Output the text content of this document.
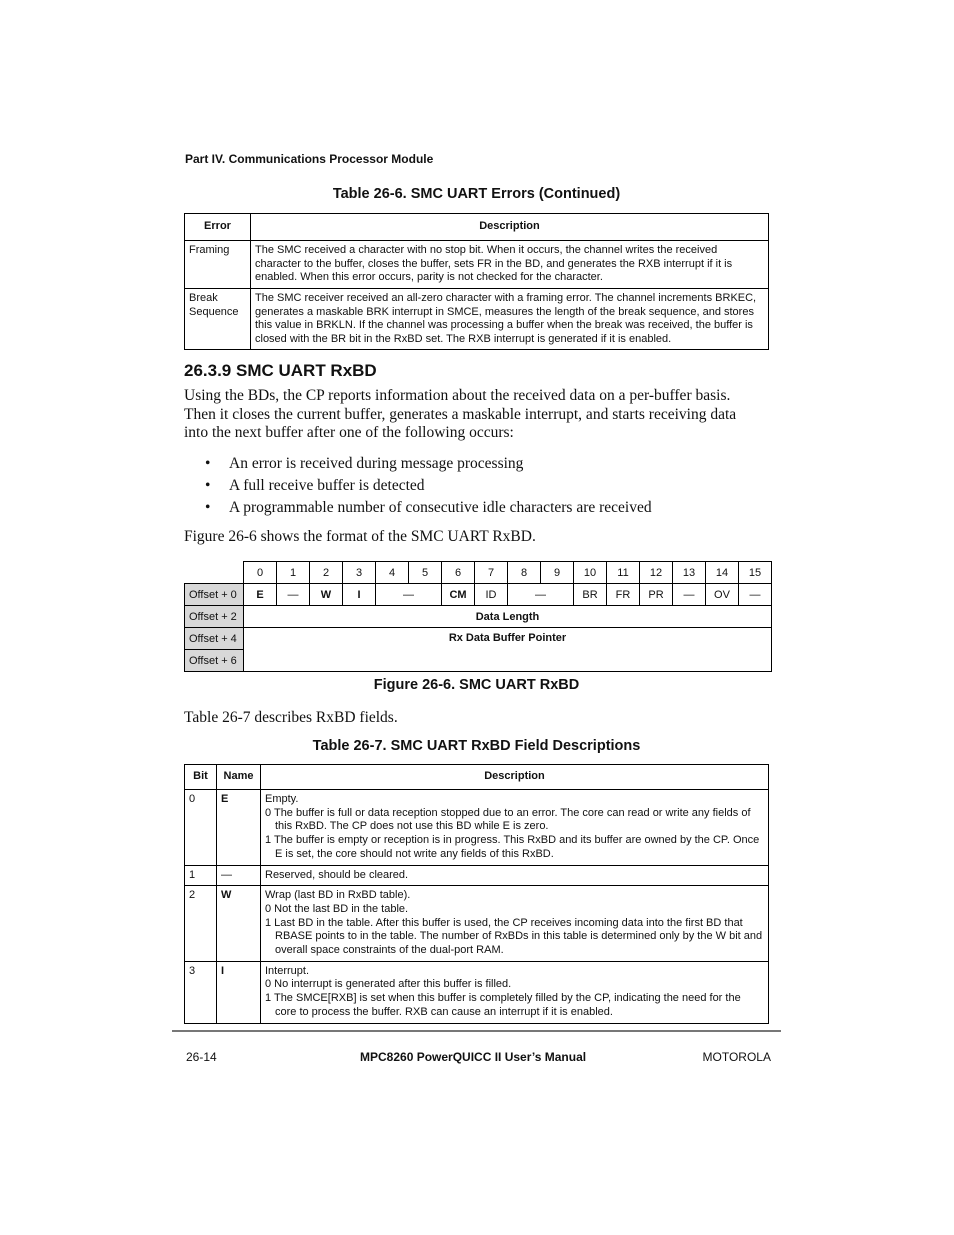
Part IV. Communications Processor Module
Table 26-6. SMC UART Errors (Continued)
Error	Description
Framing	The SMC received a character with no stop bit. When it occurs, the channel writes the received
character to the buffer, closes the buffer, sets FR in the BD, and generates the RXB interrupt if it is
enabled. When this error occurs, parity is not checked for the character.

Break
Sequence	The SMC receiver received an all-zero character with a framing error. The channel increments BRKEC,
generates a maskable BRK interrupt in SMCE, measures the length of the break sequence, and stores
this value in BRKLN. If the channel was processing a buffer when the break was received, the buffer is
closed with the BR bit in the RxBD set. The RXB interrupt is generated if it is enabled.
26.3.9 SMC UART RxBD
Using the BDs, the CP reports information about the received data on a per-buffer basis.
Then it closes the current buffer, generates a maskable interrupt, and starts receiving data
into the next buffer after one of the following occurs:
• An error is received during message processing
• A full receive buffer is detected
• A programmable number of consecutive idle characters are received
Figure 26-6 shows the format of the SMC UART RxBD.
	0	1	2	3	4	5	6	7	8	9	10	11	12	13	14	15
Offset + 0	E	—	W	I	—		CM	ID	—		BR	FR	PR	—	OV	—
Offset + 2	Data Length															
Offset + 4	Rx Data Buffer Pointer															
Offset + 6																
Figure 26-6. SMC UART RxBD
Table 26-7 describes RxBD fields.
Table 26-7. SMC UART RxBD Field Descriptions
Bit	Name	Description
0	E	Empty.
0 The buffer is full or data reception stopped due to an error. The core can read or write any fields of this RxBD. The CP does not use this BD while E is zero.
1 The buffer is empty or reception is in progress. This RxBD and its buffer are owned by the CP. Once E is set, the core should not write any fields of this RxBD.

1	—	Reserved, should be cleared.

2	W	Wrap (last BD in RxBD table).
0 Not the last BD in the table.
1 Last BD in the table. After this buffer is used, the CP receives incoming data into the first BD that RBASE points to in the table. The number of RxBDs in this table is determined only by the W bit and overall space constraints of the dual-port RAM.

3	I	Interrupt.
0 No interrupt is generated after this buffer is filled.
1 The SMCE[RXB] is set when this buffer is completely filled by the CP, indicating the need for the core to process the buffer. RXB can cause an interrupt if it is enabled.
26-14	MPC8260 PowerQUICC II User’s Manual	MOTOROLA
